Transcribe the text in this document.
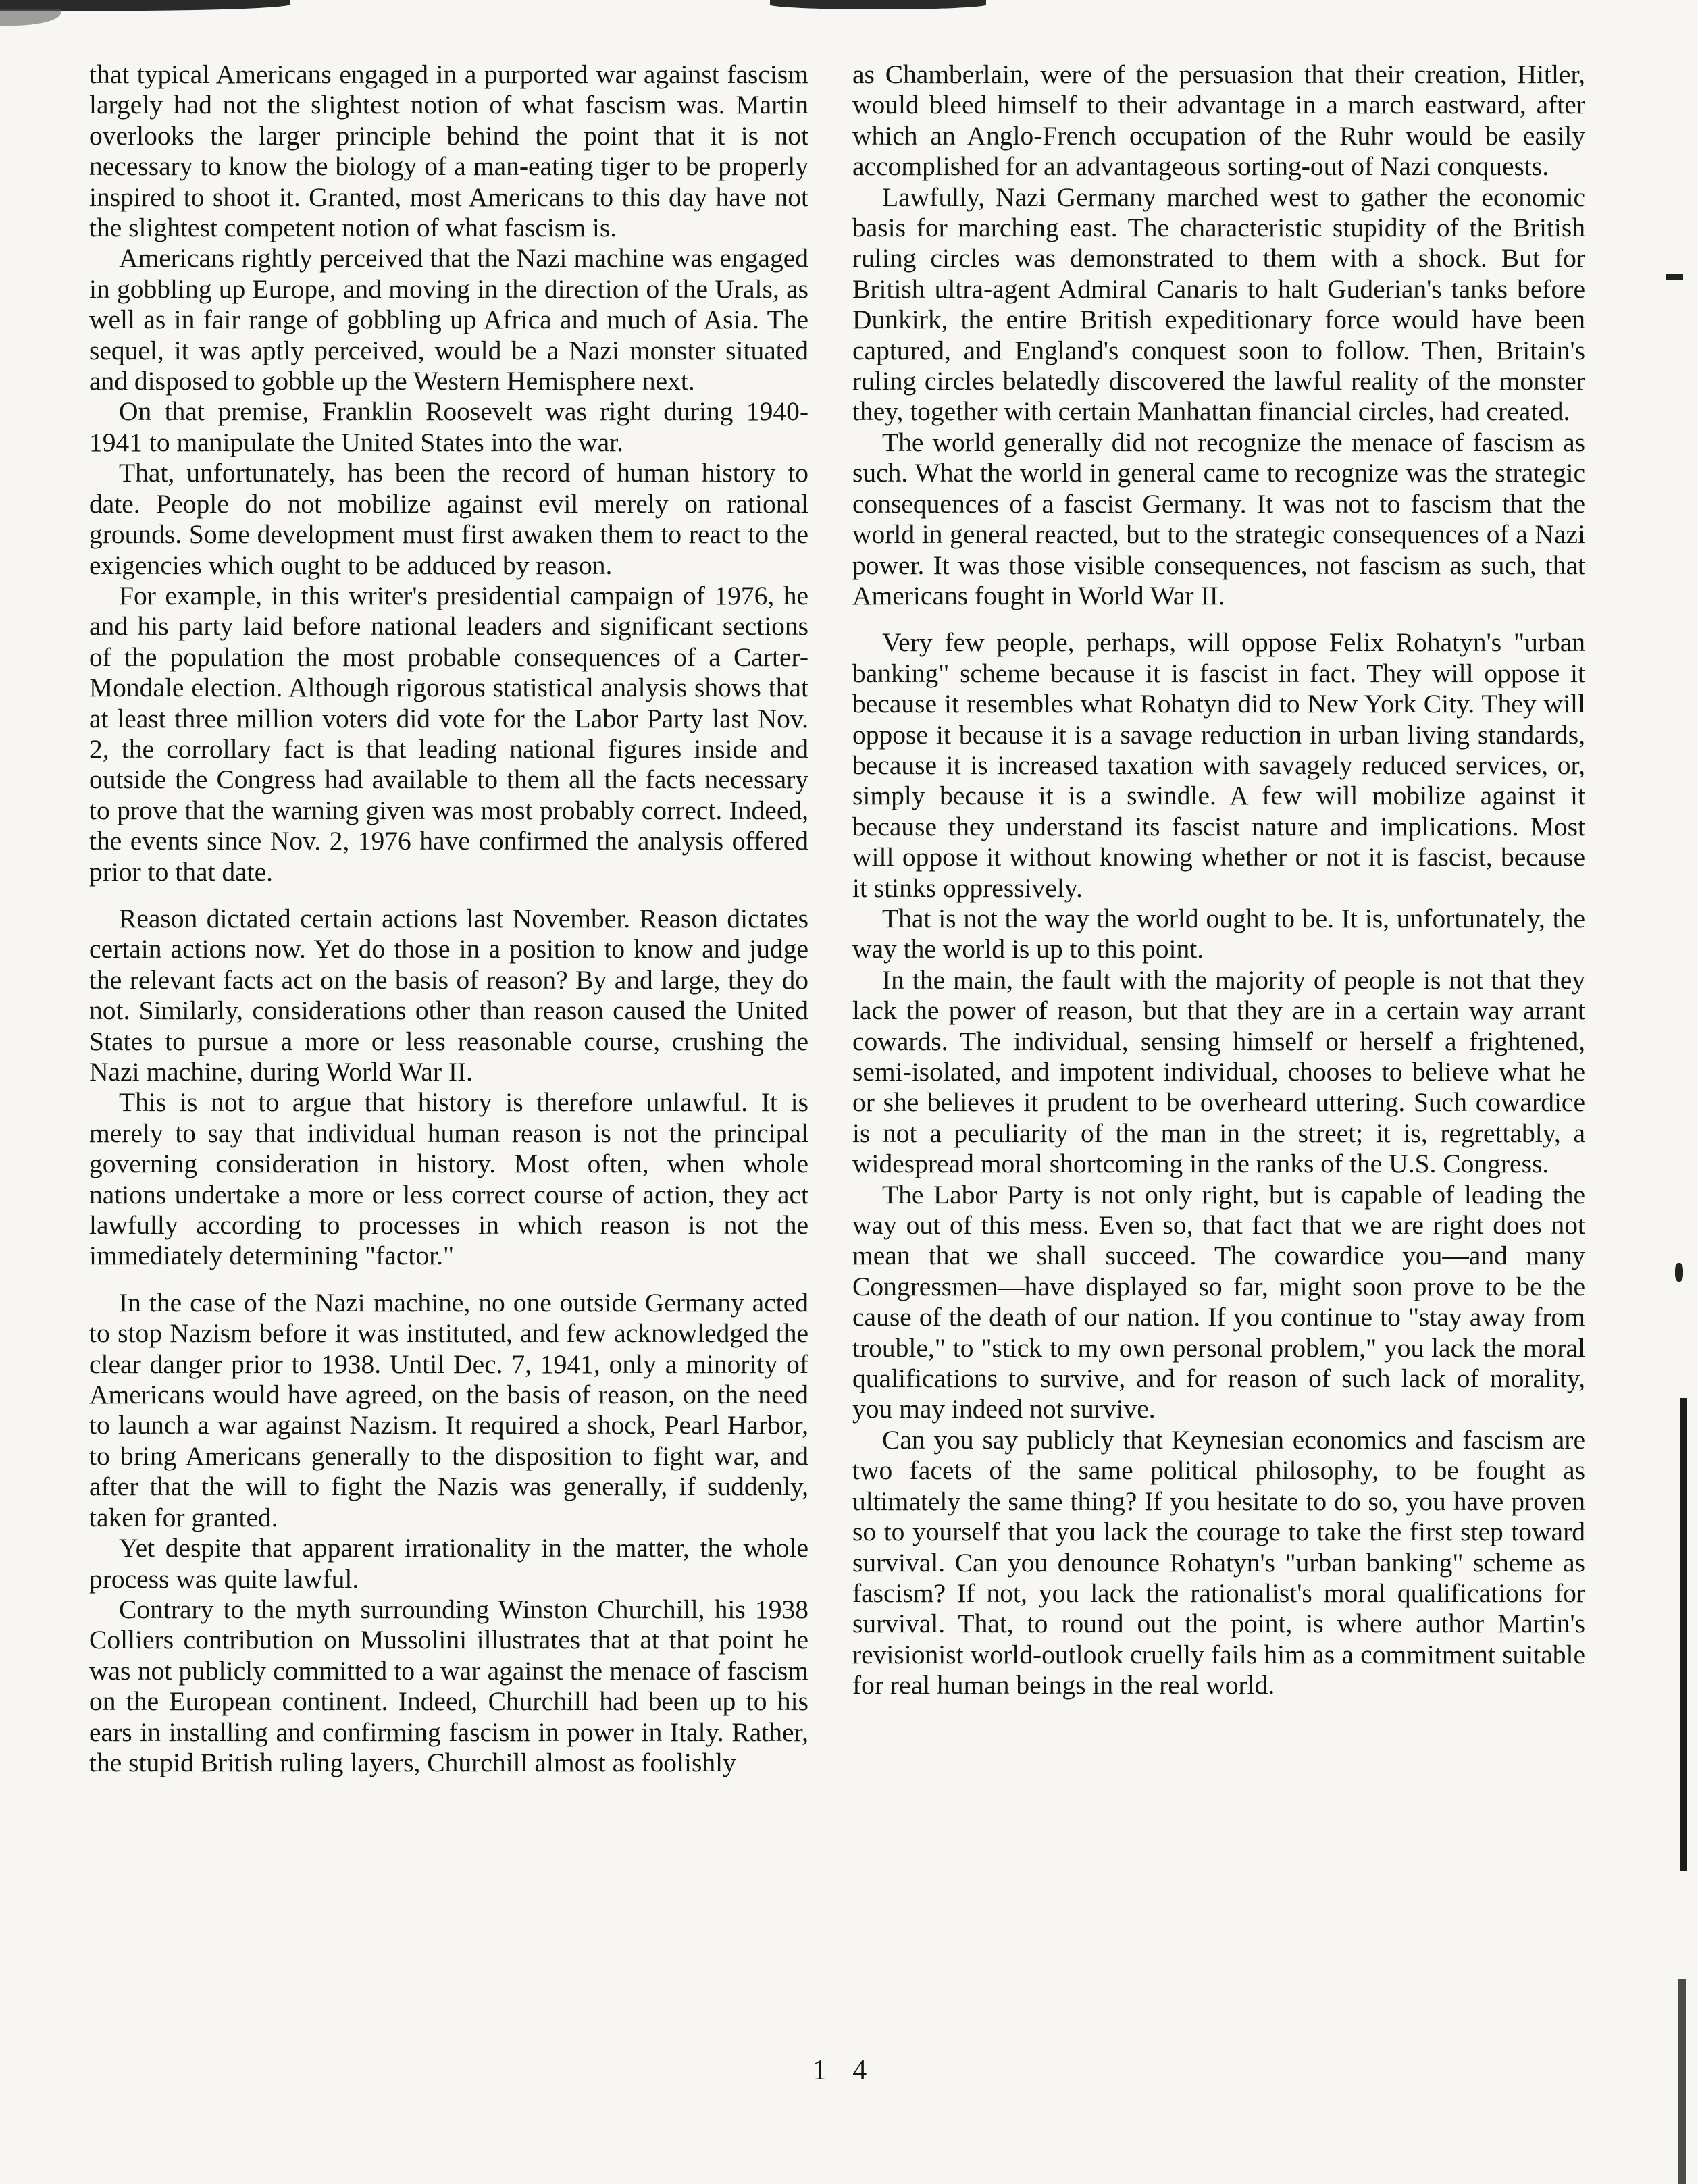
that typical Americans engaged in a purported war against fascism largely had not the slightest notion of what fascism was. Martin overlooks the larger principle behind the point that it is not necessary to know the biology of a man-eating tiger to be properly inspired to shoot it. Granted, most Americans to this day have not the slightest competent notion of what fascism is.

Americans rightly perceived that the Nazi machine was engaged in gobbling up Europe, and moving in the direction of the Urals, as well as in fair range of gobbling up Africa and much of Asia. The sequel, it was aptly perceived, would be a Nazi monster situated and disposed to gobble up the Western Hemisphere next.

On that premise, Franklin Roosevelt was right during 1940-1941 to manipulate the United States into the war.

That, unfortunately, has been the record of human history to date. People do not mobilize against evil merely on rational grounds. Some development must first awaken them to react to the exigencies which ought to be adduced by reason.

For example, in this writer's presidential campaign of 1976, he and his party laid before national leaders and significant sections of the population the most probable consequences of a Carter-Mondale election. Although rigorous statistical analysis shows that at least three million voters did vote for the Labor Party last Nov. 2, the corrollary fact is that leading national figures inside and outside the Congress had available to them all the facts necessary to prove that the warning given was most probably correct. Indeed, the events since Nov. 2, 1976 have confirmed the analysis offered prior to that date.

Reason dictated certain actions last November. Reason dictates certain actions now. Yet do those in a position to know and judge the relevant facts act on the basis of reason? By and large, they do not. Similarly, considerations other than reason caused the United States to pursue a more or less reasonable course, crushing the Nazi machine, during World War II.

This is not to argue that history is therefore unlawful. It is merely to say that individual human reason is not the principal governing consideration in history. Most often, when whole nations undertake a more or less correct course of action, they act lawfully according to processes in which reason is not the immediately determining "factor."

In the case of the Nazi machine, no one outside Germany acted to stop Nazism before it was instituted, and few acknowledged the clear danger prior to 1938. Until Dec. 7, 1941, only a minority of Americans would have agreed, on the basis of reason, on the need to launch a war against Nazism. It required a shock, Pearl Harbor, to bring Americans generally to the disposition to fight war, and after that the will to fight the Nazis was generally, if suddenly, taken for granted.

Yet despite that apparent irrationality in the matter, the whole process was quite lawful.

Contrary to the myth surrounding Winston Churchill, his 1938 Colliers contribution on Mussolini illustrates that at that point he was not publicly committed to a war against the menace of fascism on the European continent. Indeed, Churchill had been up to his ears in installing and confirming fascism in power in Italy. Rather, the stupid British ruling layers, Churchill almost as foolishly

as Chamberlain, were of the persuasion that their creation, Hitler, would bleed himself to their advantage in a march eastward, after which an Anglo-French occupation of the Ruhr would be easily accomplished for an advantageous sorting-out of Nazi conquests.

Lawfully, Nazi Germany marched west to gather the economic basis for marching east. The characteristic stupidity of the British ruling circles was demonstrated to them with a shock. But for British ultra-agent Admiral Canaris to halt Guderian's tanks before Dunkirk, the entire British expeditionary force would have been captured, and England's conquest soon to follow. Then, Britain's ruling circles belatedly discovered the lawful reality of the monster they, together with certain Manhattan financial circles, had created.

The world generally did not recognize the menace of fascism as such. What the world in general came to recognize was the strategic consequences of a fascist Germany. It was not to fascism that the world in general reacted, but to the strategic consequences of a Nazi power. It was those visible consequences, not fascism as such, that Americans fought in World War II.

Very few people, perhaps, will oppose Felix Rohatyn's "urban banking" scheme because it is fascist in fact. They will oppose it because it resembles what Rohatyn did to New York City. They will oppose it because it is a savage reduction in urban living standards, because it is increased taxation with savagely reduced services, or, simply because it is a swindle. A few will mobilize against it because they understand its fascist nature and implications. Most will oppose it without knowing whether or not it is fascist, because it stinks oppressively.

That is not the way the world ought to be. It is, unfortunately, the way the world is up to this point.

In the main, the fault with the majority of people is not that they lack the power of reason, but that they are in a certain way arrant cowards. The individual, sensing himself or herself a frightened, semi-isolated, and impotent individual, chooses to believe what he or she believes it prudent to be overheard uttering. Such cowardice is not a peculiarity of the man in the street; it is, regrettably, a widespread moral shortcoming in the ranks of the U.S. Congress.

The Labor Party is not only right, but is capable of leading the way out of this mess. Even so, that fact that we are right does not mean that we shall succeed. The cowardice you—and many Congressmen—have displayed so far, might soon prove to be the cause of the death of our nation. If you continue to "stay away from trouble," to "stick to my own personal problem," you lack the moral qualifications to survive, and for reason of such lack of morality, you may indeed not survive.

Can you say publicly that Keynesian economics and fascism are two facets of the same political philosophy, to be fought as ultimately the same thing? If you hesitate to do so, you have proven so to yourself that you lack the courage to take the first step toward survival. Can you denounce Rohatyn's "urban banking" scheme as fascism? If not, you lack the rationalist's moral qualifications for survival. That, to round out the point, is where author Martin's revisionist world-outlook cruelly fails him as a commitment suitable for real human beings in the real world.

1 4
